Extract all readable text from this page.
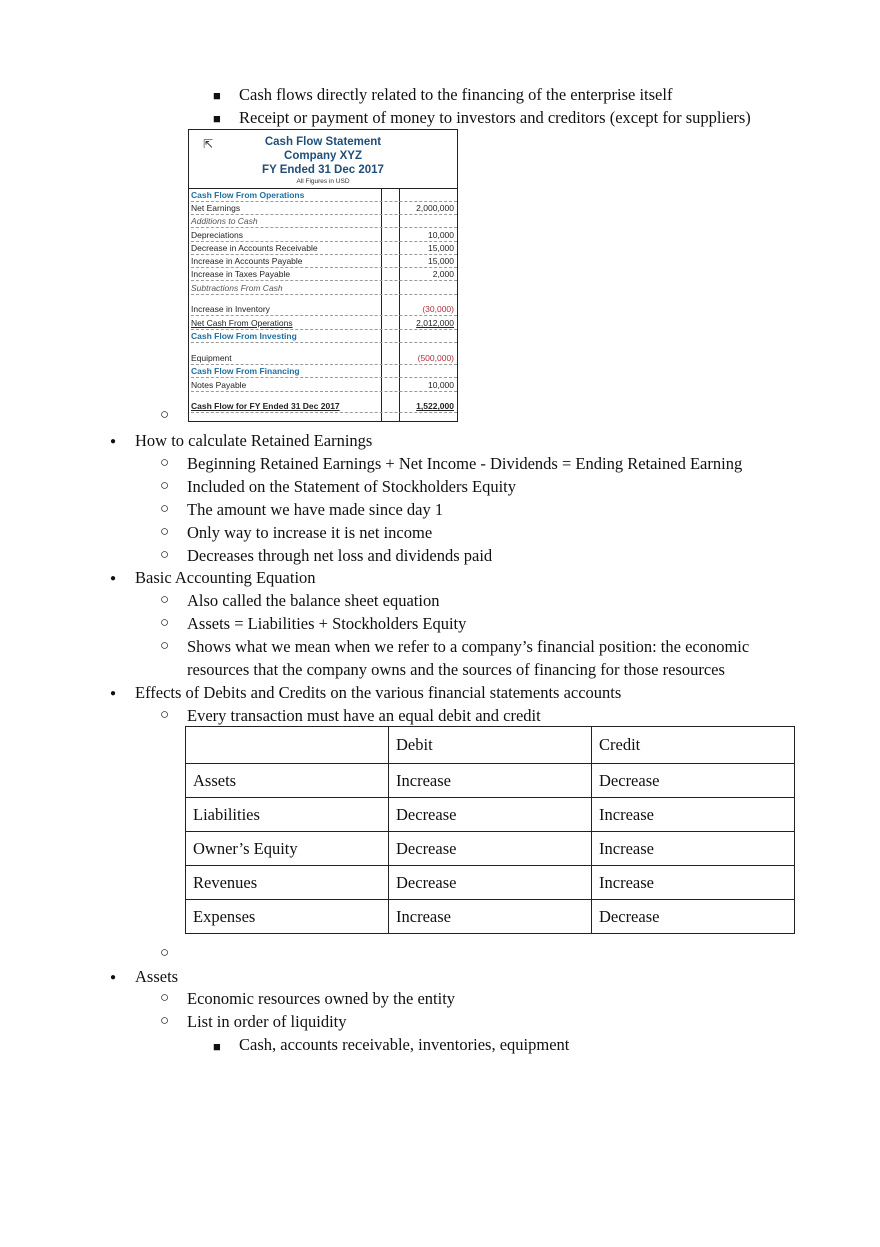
■ Cash flows directly related to the financing of the enterprise itself
■ Receipt or payment of money to investors and creditors (except for suppliers)
⇱	Cash Flow Statement
Company XYZ
FY Ended 31 Dec 2017
All Figures in USD
Cash Flow From Operations
Net Earnings	2,000,000
Additions to Cash
Depreciations	10,000
Decrease in Accounts Receivable	15,000
Increase in Accounts Payable	15,000
Increase in Taxes Payable	2,000
Subtractions From Cash
Increase in Inventory	(30,000)
Net Cash From Operations	2,012,000
Cash Flow From Investing
Equipment	(500,000)
Cash Flow From Financing
Notes Payable	10,000
Cash Flow for FY Ended 31 Dec 2017	1,522,000
○
● How to calculate Retained Earnings
○ Beginning Retained Earnings + Net Income - Dividends = Ending Retained Earning
○ Included on the Statement of Stockholders Equity
○ The amount we have made since day 1
○ Only way to increase it is net income
○ Decreases through net loss and dividends paid
● Basic Accounting Equation
○ Also called the balance sheet equation
○ Assets = Liabilities + Stockholders Equity
○ Shows what we mean when we refer to a company’s financial position: the economic
resources that the company owns and the sources of financing for those resources
● Effects of Debits and Credits on the various financial statements accounts
○ Every transaction must have an equal debit and credit
	Debit	Credit
Assets	Increase	Decrease
Liabilities	Decrease	Increase
Owner’s Equity	Decrease	Increase
Revenues	Decrease	Increase
Expenses	Increase	Decrease
○
● Assets
○ Economic resources owned by the entity
○ List in order of liquidity
■ Cash, accounts receivable, inventories, equipment
